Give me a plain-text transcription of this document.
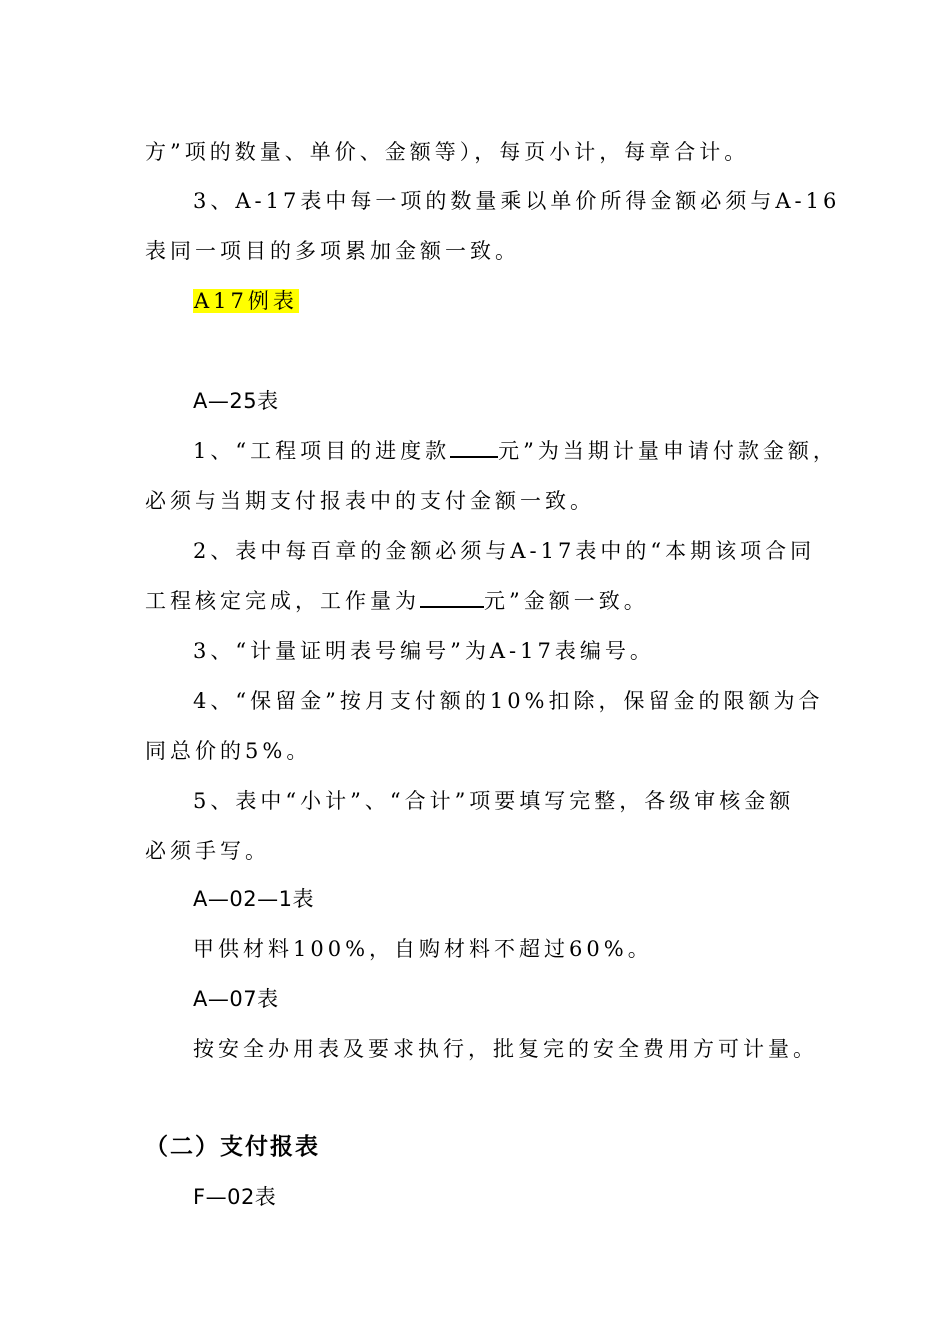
方”项的数量、单价、金额等），每页小计，每章合计。
3、A-17表中每一项的数量乘以单价所得金额必须与A-16
表同一项目的多项累加金额一致。
A17例表
A—25表
1、“工程项目的进度款 元”为当期计量申请付款金额，
必须与当期支付报表中的支付金额一致。
2、表中每百章的金额必须与A-17表中的“本期该项合同
工程核定完成，工作量为	元”金额一致。
3、“计量证明表号编号”为A-17表编号。
4、“保留金”按月支付额的10%扣除，保留金的限额为合
同总价的5%。
5、表中“小计”、“合计”项要填写完整，各级审核金额
必须手写。
A—02—1表
甲供材料100%，自购材料不超过60%。
A—07表
按安全办用表及要求执行，批复完的安全费用方可计量。
（二）支付报表
F—02表
